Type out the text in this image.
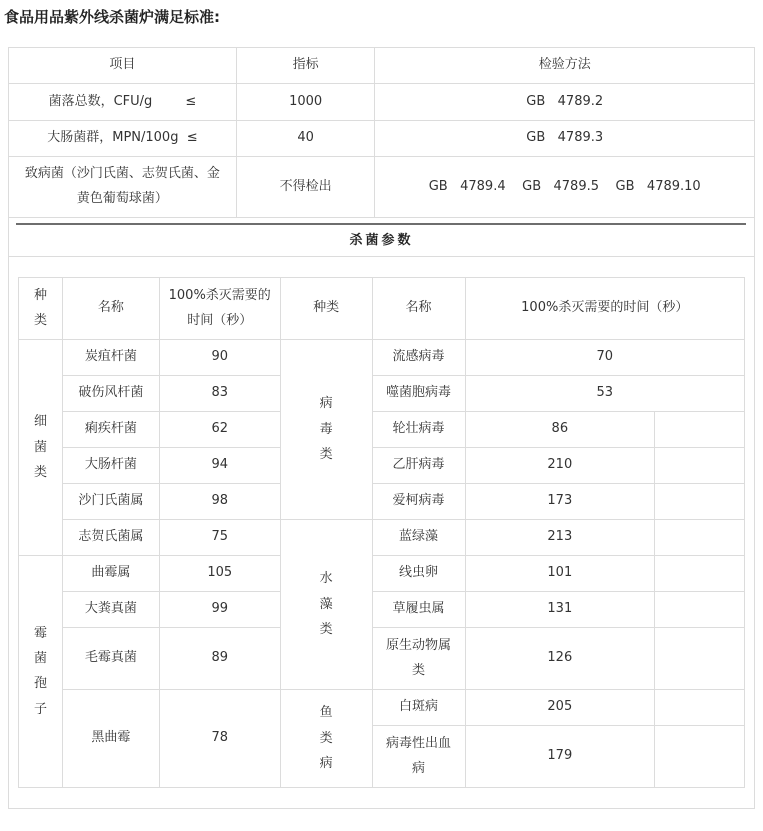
食品用品紫外线杀菌炉满足标准:
项目	指标	检验方法
菌落总数，CFU/g        ≤	1000	GB   4789.2
大肠菌群，MPN/100g  ≤	40	GB   4789.3
致病菌（沙门氏菌、志贺氏菌、金黄色葡萄球菌）	不得检出	GB   4789.4    GB   4789.5    GB   4789.10
杀菌参数
种类	名称	100%杀灭需要的时间（秒）	种类	名称	100%杀灭需要的时间（秒）	
细菌类	炭疽杆菌	90	病毒类	流感病毒	70	
	破伤风杆菌	83		噬菌胞病毒	53	
	痢疾杆菌	62		轮壮病毒	86	
	大肠杆菌	94		乙肝病毒	210	
	沙门氏菌属	98		爱柯病毒	173	
	志贺氏菌属	75	水藻类	蓝绿藻	213	
霉菌孢子	曲霉属	105		线虫卵	101	
	大粪真菌	99		草履虫属	131	
	毛霉真菌	89		原生动物属类	126	
	黑曲霉	78	鱼类病	白斑病	205	
				病毒性出血病	179	
